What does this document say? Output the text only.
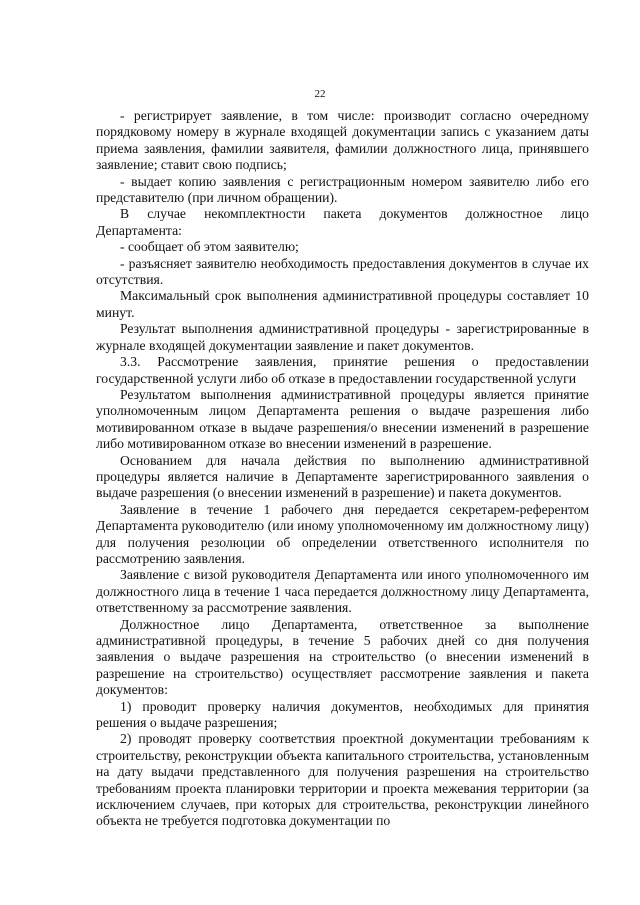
22

- регистрирует заявление, в том числе: производит согласно очередному порядковому номеру в журнале входящей документации запись с указанием даты приема заявления, фамилии заявителя, фамилии должностного лица, принявшего заявление; ставит свою подпись;

- выдает копию заявления с регистрационным номером заявителю либо его представителю (при личном обращении).

В случае некомплектности пакета документов должностное лицо Департамента:

- сообщает об этом заявителю;

- разъясняет заявителю необходимость предоставления документов в случае их отсутствия.

Максимальный срок выполнения административной процедуры составляет 10 минут.

Результат выполнения административной процедуры - зарегистрированные в журнале входящей документации заявление и пакет документов.

3.3. Рассмотрение заявления, принятие решения о предоставлении государственной услуги либо об отказе в предоставлении государственной услуги

Результатом выполнения административной процедуры является принятие уполномоченным лицом Департамента решения о выдаче разрешения либо мотивированном отказе в выдаче разрешения/о внесении изменений в разрешение либо мотивированном отказе во внесении изменений в разрешение.

Основанием для начала действия по выполнению административной процедуры является наличие в Департаменте зарегистрированного заявления о выдаче разрешения (о внесении изменений в разрешение) и пакета документов.

Заявление в течение 1 рабочего дня передается секретарем-референтом Департамента руководителю (или иному уполномоченному им должностному лицу) для получения резолюции об определении ответственного исполнителя по рассмотрению заявления.

Заявление с визой руководителя Департамента или иного уполномоченного им должностного лица в течение 1 часа передается должностному лицу Департамента, ответственному за рассмотрение заявления.

Должностное лицо Департамента, ответственное за выполнение административной процедуры, в течение 5 рабочих дней со дня получения заявления о выдаче разрешения на строительство (о внесении изменений в разрешение на строительство) осуществляет рассмотрение заявления и пакета документов:

1) проводит проверку наличия документов, необходимых для принятия решения о выдаче разрешения;

2) проводят проверку соответствия проектной документации требованиям к строительству, реконструкции объекта капитального строительства, установленным на дату выдачи представленного для получения разрешения на строительство требованиям проекта планировки территории и проекта межевания территории (за исключением случаев, при которых для строительства, реконструкции линейного объекта не требуется подготовка документации по
